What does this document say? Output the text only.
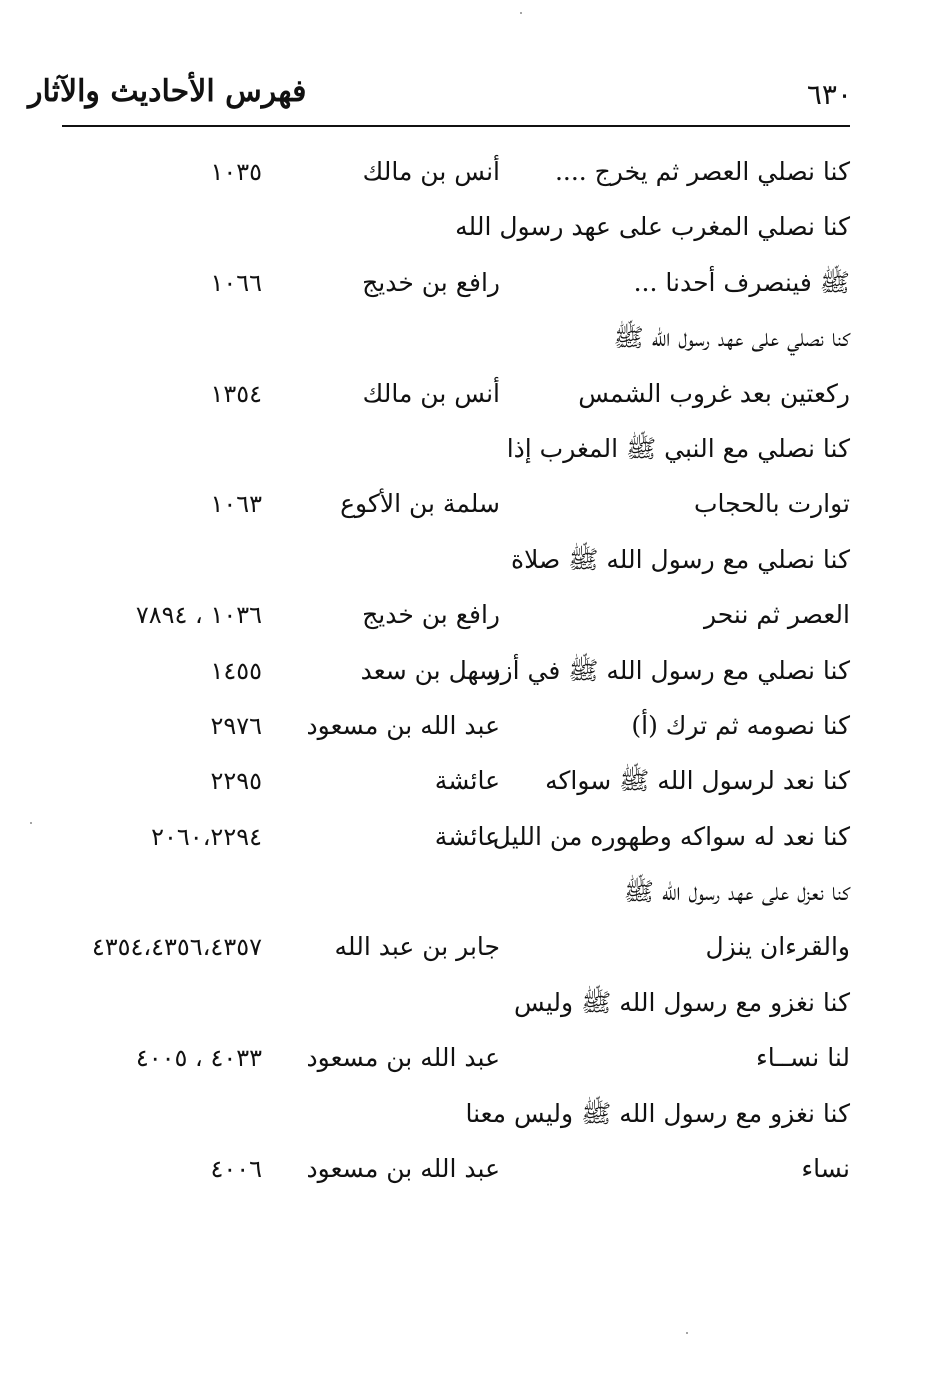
٦٣٠
فهرس الأحاديث والآثار
كنا نصلي العصر ثم يخرج ....
أنس بن مالك
١٠٣٥
كنا نصلي المغرب على عهد رسول الله
ﷺ فينصرف أحدنا ...
رافع بن خديج
١٠٦٦
كنا نصلي على عهد رسول الله ﷺ
ركعتين بعد غروب الشمس
أنس بن مالك
١٣٥٤
كنا نصلي مع النبي ﷺ المغرب إذا
توارت بالحجاب
سلمة بن الأكوع
١٠٦٣
كنا نصلي مع رسول الله ﷺ صلاة
العصر ثم ننحر
رافع بن خديج
١٠٣٦ ، ٧٨٩٤
كنا نصلي مع رسول الله ﷺ في أزر
سهل بن سعد
١٤٥٥
كنا نصومه ثم ترك (أ)
عبد الله بن مسعود
٢٩٧٦
كنا نعد لرسول الله ﷺ سواكه
عائشة
٢٢٩٥
كنا نعد له سواكه وطهوره من الليل
عائشة
٢٠٦٠،٢٢٩٤
كنا نعزل على عهد رسول الله ﷺ
والقرءان ينزل
جابر بن عبد الله
٤٣٥٤،٤٣٥٦،٤٣٥٧
كنا نغزو مع رسول الله ﷺ وليس
لنا نســاء
عبد الله بن مسعود
٤٠٣٣ ، ٤٠٠٥
كنا نغزو مع رسول الله ﷺ وليس معنا
نساء
عبد الله بن مسعود
٤٠٠٦
